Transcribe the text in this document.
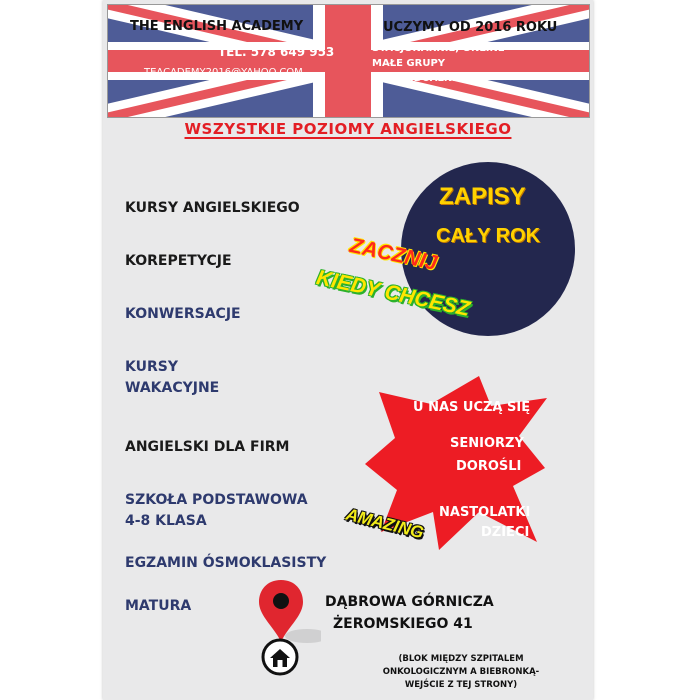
THE ENGLISH ACADEMY
TEL. 578 649 953
TEACADEMY2016@YAHOO.COM
UCZYMY OD 2016 ROKU
STACJONARNIE, ONLINE
MAŁE GRUPY
INDYWIDUALNIE
WSZYSTKIE POZIOMY ANGIELSKIEGO
KURSY ANGIELSKIEGO
KOREPETYCJE
KONWERSACJE
KURSY
WAKACYJNE
ANGIELSKI DLA FIRM
SZKOŁA PODSTAWOWA
4-8 KLASA
EGZAMIN ÓSMOKLASISTY
MATURA
ZAPISY
CAŁY ROK
ZACZNIJ
KIEDY CHCESZ
U NAS UCZĄ SIĘ
SENIORZY
DOROŚLI
NASTOLATKI
DZIECI
AMAZING
DĄBROWA GÓRNICZA
ŻEROMSKIEGO 41
(BLOK MIĘDZY SZPITALEM
ONKOLOGICZNYM A BIEBRONKĄ-
WEJŚCIE Z TEJ STRONY)
